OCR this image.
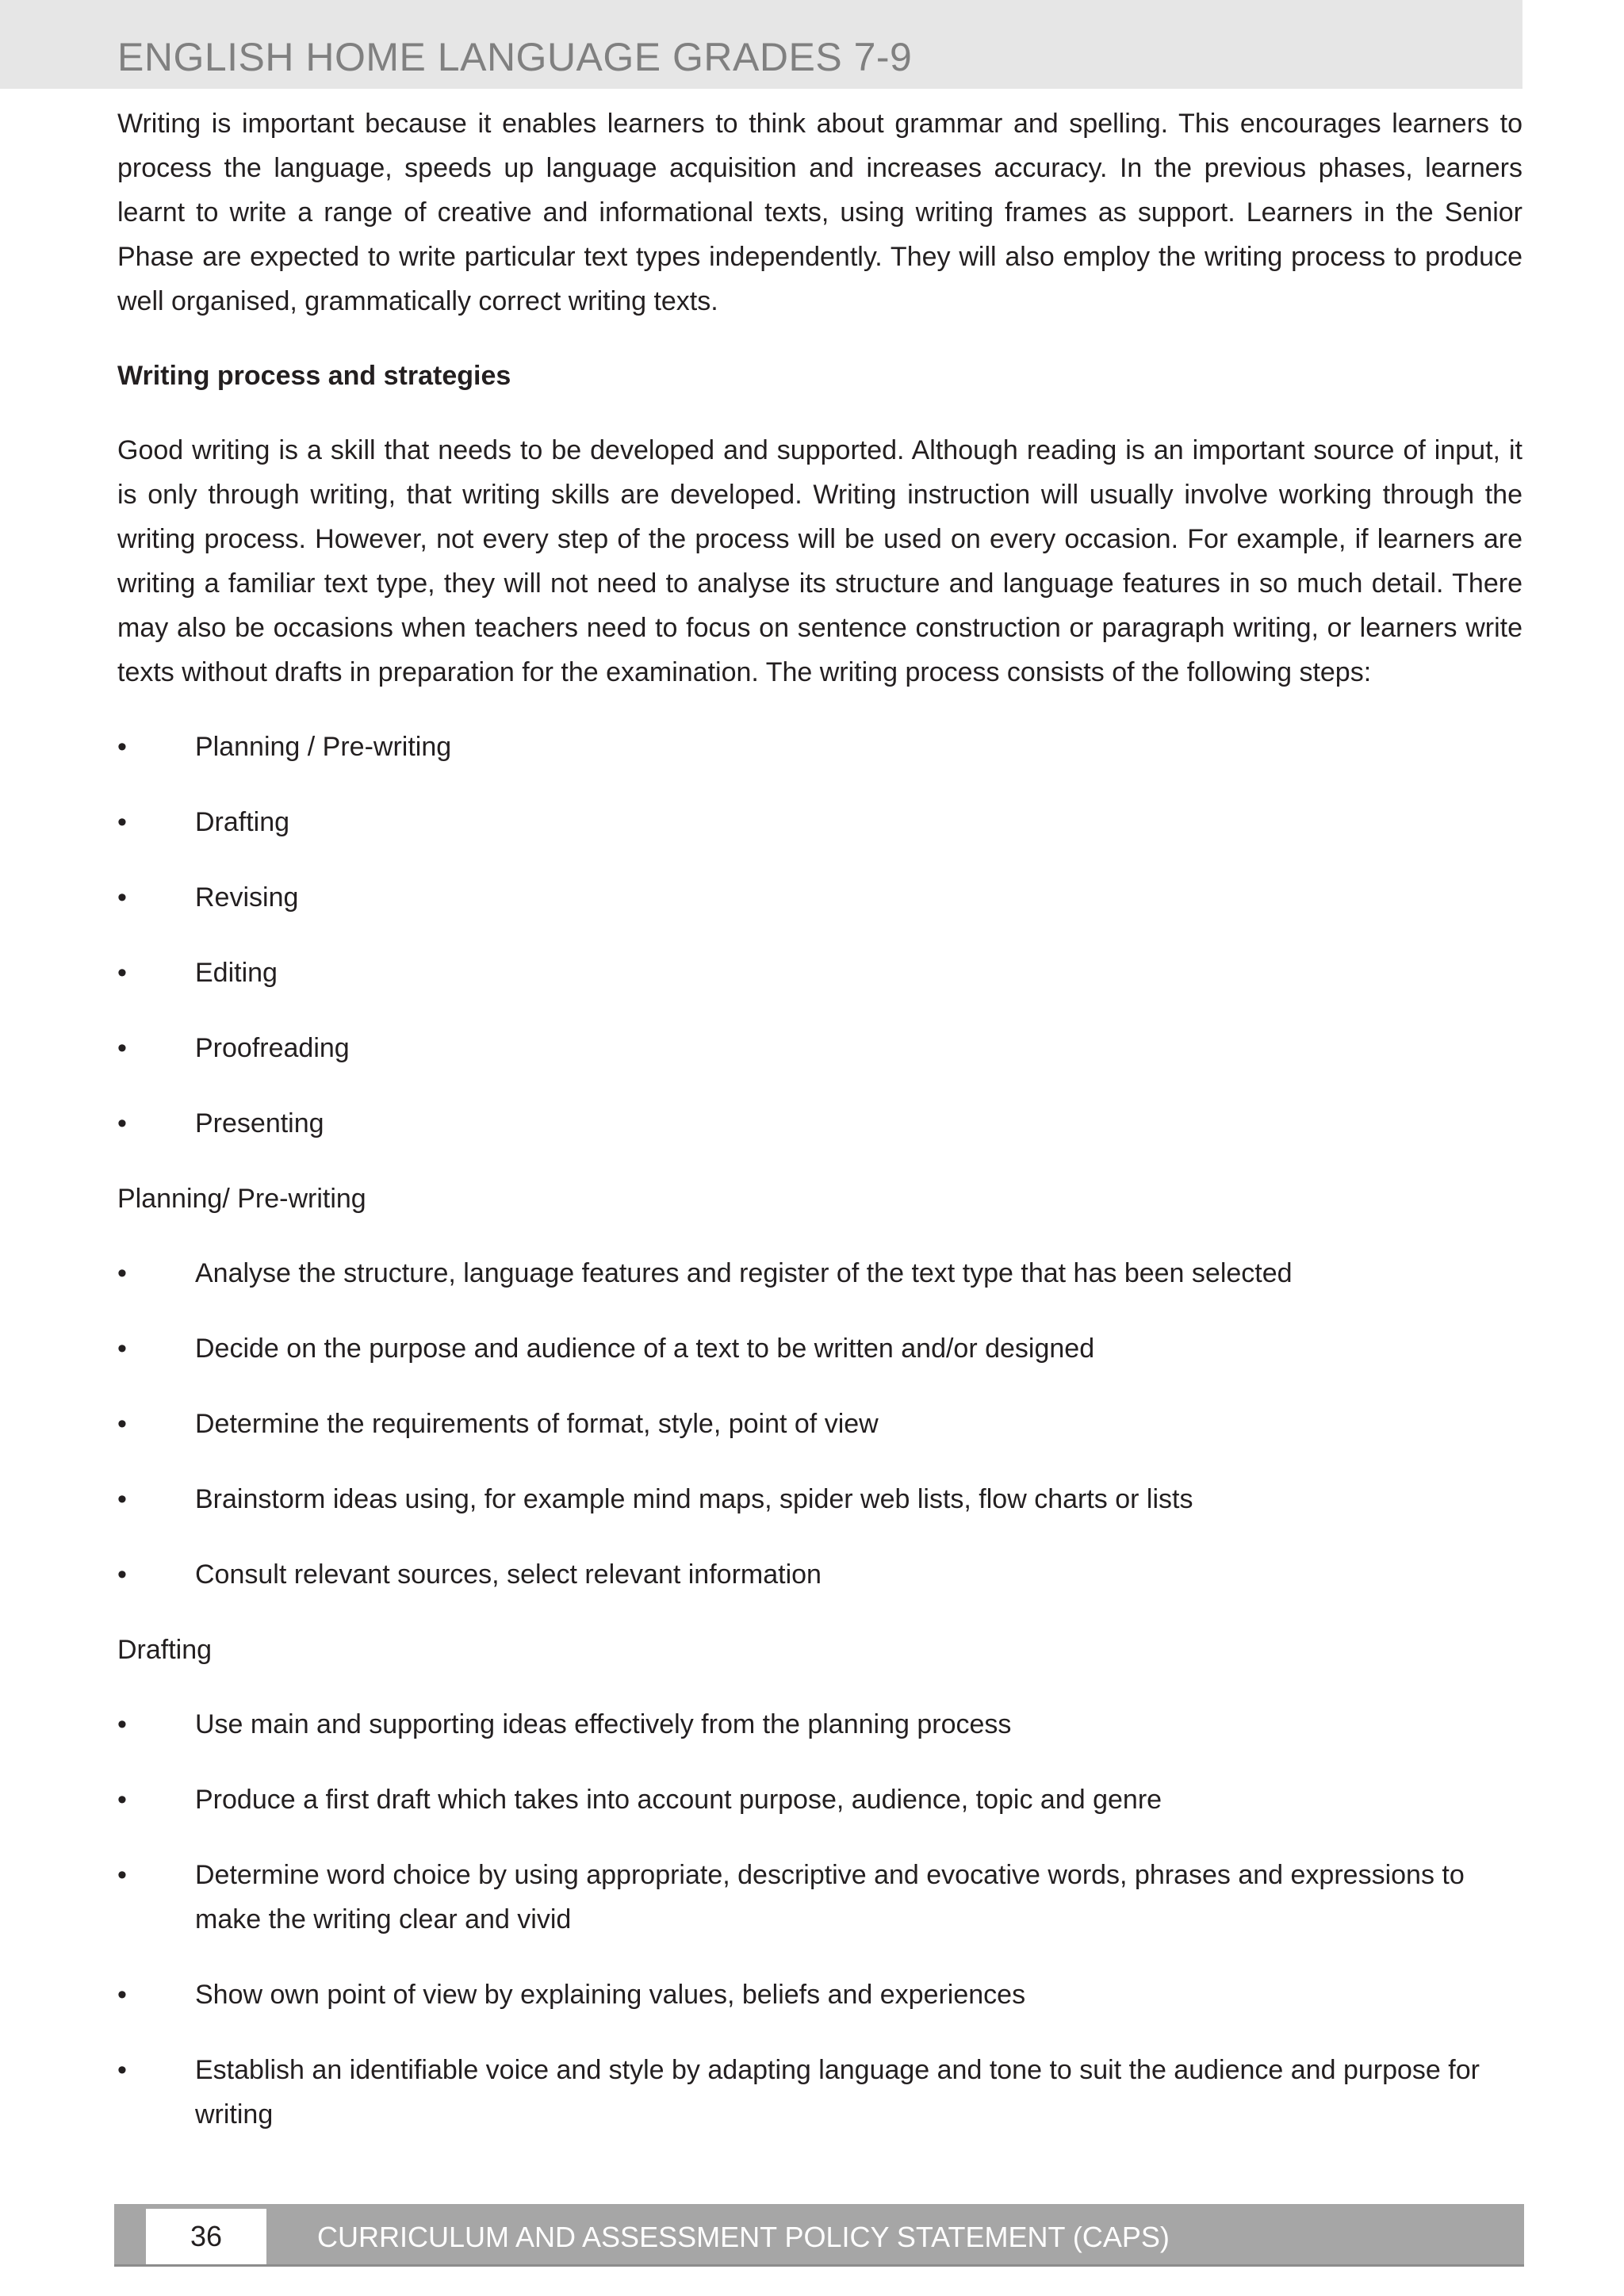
ENGLISH HOME LANGUAGE GRADES 7-9

Writing is important because it enables learners to think about grammar and spelling. This encourages learners to process the language, speeds up language acquisition and increases accuracy. In the previous phases, learners learnt to write a range of creative and informational texts, using writing frames as support. Learners in the Senior Phase are expected to write particular text types independently. They will also employ the writing process to produce well organised, grammatically correct writing texts.

Writing process and strategies

Good writing is a skill that needs to be developed and supported. Although reading is an important source of input, it is only through writing, that writing skills are developed. Writing instruction will usually involve working through the writing process. However, not every step of the process will be used on every occasion. For example, if learners are writing a familiar text type, they will not need to analyse its structure and language features in so much detail. There may also be occasions when teachers need to focus on sentence construction or paragraph writing, or learners write texts without drafts in preparation for the examination. The writing process consists of the following steps:

•	Planning / Pre-writing
•	Drafting
•	Revising
•	Editing
•	Proofreading
•	Presenting
Planning/ Pre-writing
•	Analyse the structure, language features and register of the text type that has been selected
•	Decide on the purpose and audience of a text to be written and/or designed
•	Determine the requirements of format, style, point of view
•	Brainstorm ideas using, for example mind maps, spider web lists, flow charts or lists
•	Consult relevant sources, select relevant information
Drafting
•	Use main and supporting ideas effectively from the planning process
•	Produce a first draft which takes into account purpose, audience, topic and genre
•	Determine word choice by using appropriate, descriptive and evocative words, phrases and expressions to make the writing clear and vivid
•	Show own point of view by explaining values, beliefs and experiences
•	Establish an identifiable voice and style by adapting language and tone to suit the audience and purpose for writing
36	CURRICULUM AND ASSESSMENT POLICY STATEMENT (CAPS)
